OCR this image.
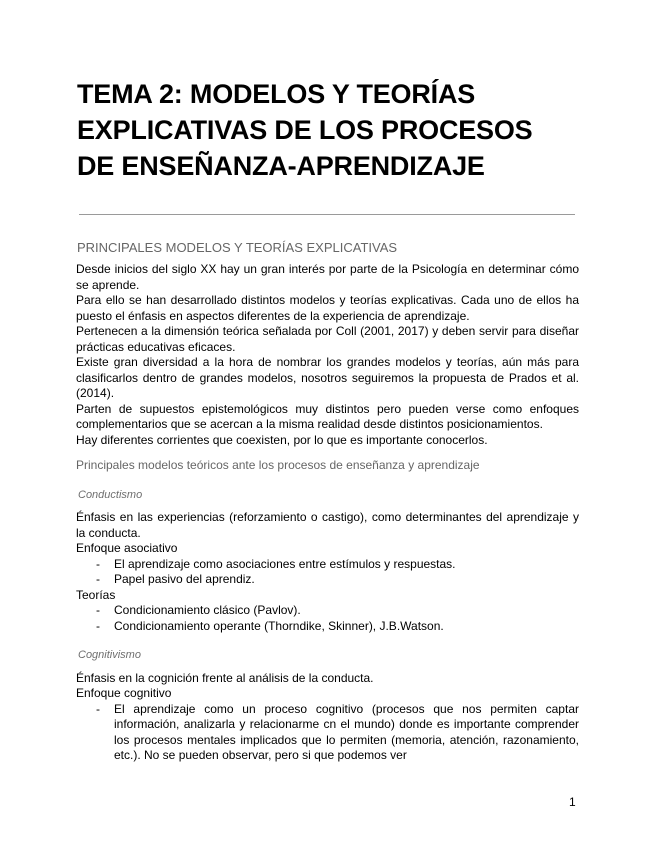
TEMA 2: MODELOS Y TEORÍAS
EXPLICATIVAS DE LOS PROCESOS
DE ENSEÑANZA-APRENDIZAJE
PRINCIPALES MODELOS Y TEORÍAS EXPLICATIVAS

Desde inicios del siglo XX hay un gran interés por parte de la Psicología en determinar cómo se aprende.

Para ello se han desarrollado distintos modelos y teorías explicativas. Cada uno de ellos ha puesto el énfasis en aspectos diferentes de la experiencia de aprendizaje.

Pertenecen a la dimensión teórica señalada por Coll (2001, 2017) y deben servir para diseñar prácticas educativas eficaces.

Existe gran diversidad a la hora de nombrar los grandes modelos y teorías, aún más para clasificarlos dentro de grandes modelos, nosotros seguiremos la propuesta de Prados et al. (2014).

Parten de supuestos epistemológicos muy distintos pero pueden verse como enfoques complementarios que se acercan a la misma realidad desde distintos posicionamientos.

Hay diferentes corrientes que coexisten, por lo que es importante conocerlos.

Principales modelos teóricos ante los procesos de enseñanza y aprendizaje

Conductismo

Énfasis en las experiencias (reforzamiento o castigo), como determinantes del aprendizaje y la conducta.

Enfoque asociativo

- El aprendizaje como asociaciones entre estímulos y respuestas.
- Papel pasivo del aprendiz.

Teorías

- Condicionamiento clásico (Pavlov).
- Condicionamiento operante (Thorndike, Skinner), J.B.Watson.

Cognitivismo

Énfasis en la cognición frente al análisis de la conducta.

Enfoque cognitivo

- El aprendizaje como un proceso cognitivo (procesos que nos permiten captar información, analizarla y relacionarme cn el mundo) donde es importante comprender los procesos mentales implicados que lo permiten (memoria, atención, razonamiento, etc.). No se pueden observar, pero si que podemos ver
1
